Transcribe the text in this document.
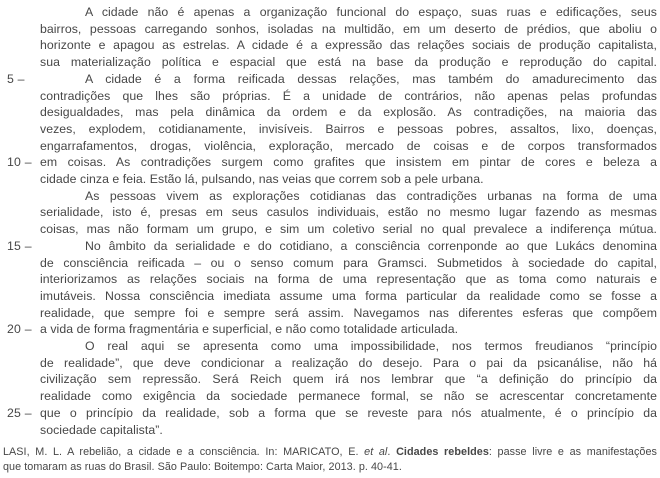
A cidade não é apenas a organização funcional do espaço, suas ruas e edificações, seus
bairros, pessoas carregando sonhos, isoladas na multidão, em um deserto de prédios, que aboliu o
horizonte e apagou as estrelas. A cidade é a expressão das relações sociais de produção capitalista,
sua materialização política e espacial que está na base da produção e reprodução do capital.
5 –	A cidade é a forma reificada dessas relações, mas também do amadurecimento das
contradições que lhes são próprias. É a unidade de contrários, não apenas pelas profundas
desigualdades, mas pela dinâmica da ordem e da explosão. As contradições, na maioria das
vezes, explodem, cotidianamente, invisíveis. Bairros e pessoas pobres, assaltos, lixo, doenças,
engarrafamentos, drogas, violência, exploração, mercado de coisas e de corpos transformados
10 – em coisas. As contradições surgem como grafites que insistem em pintar de cores e beleza a
cidade cinza e feia. Estão lá, pulsando, nas veias que correm sob a pele urbana.
As pessoas vivem as explorações cotidianas das contradições urbanas na forma de uma
serialidade, isto é, presas em seus casulos individuais, estão no mesmo lugar fazendo as mesmas
coisas, mas não formam um grupo, e sim um coletivo serial no qual prevalece a indiferença mútua.
15 –	No âmbito da serialidade e do cotidiano, a consciência correnponde ao que Lukács denomina
de consciência reificada – ou o senso comum para Gramsci. Submetidos à sociedade do capital,
interiorizamos as relações sociais na forma de uma representação que as toma como naturais e
imutáveis. Nossa consciência imediata assume uma forma particular da realidade como se fosse a
realidade, que sempre foi e sempre será assim. Navegamos nas diferentes esferas que compõem
20 – a vida de forma fragmentária e superficial, e não como totalidade articulada.
O real aqui se apresenta como uma impossibilidade, nos termos freudianos “princípio
de realidade”, que deve condicionar a realização do desejo. Para o pai da psicanálise, não há
civilização sem repressão. Será Reich quem irá nos lembrar que “a definição do princípio da
realidade como exigência da sociedade permanece formal, se não se acrescentar concretamente
25 – que o princípio da realidade, sob a forma que se reveste para nós atualmente, é o princípio da
sociedade capitalista”.
LASI, M. L. A rebelião, a cidade e a consciência. In: MARICATO, E. et al. Cidades rebeldes: passe livre e as manifestações
que tomaram as ruas do Brasil. São Paulo: Boitempo: Carta Maior, 2013. p. 40-41.
